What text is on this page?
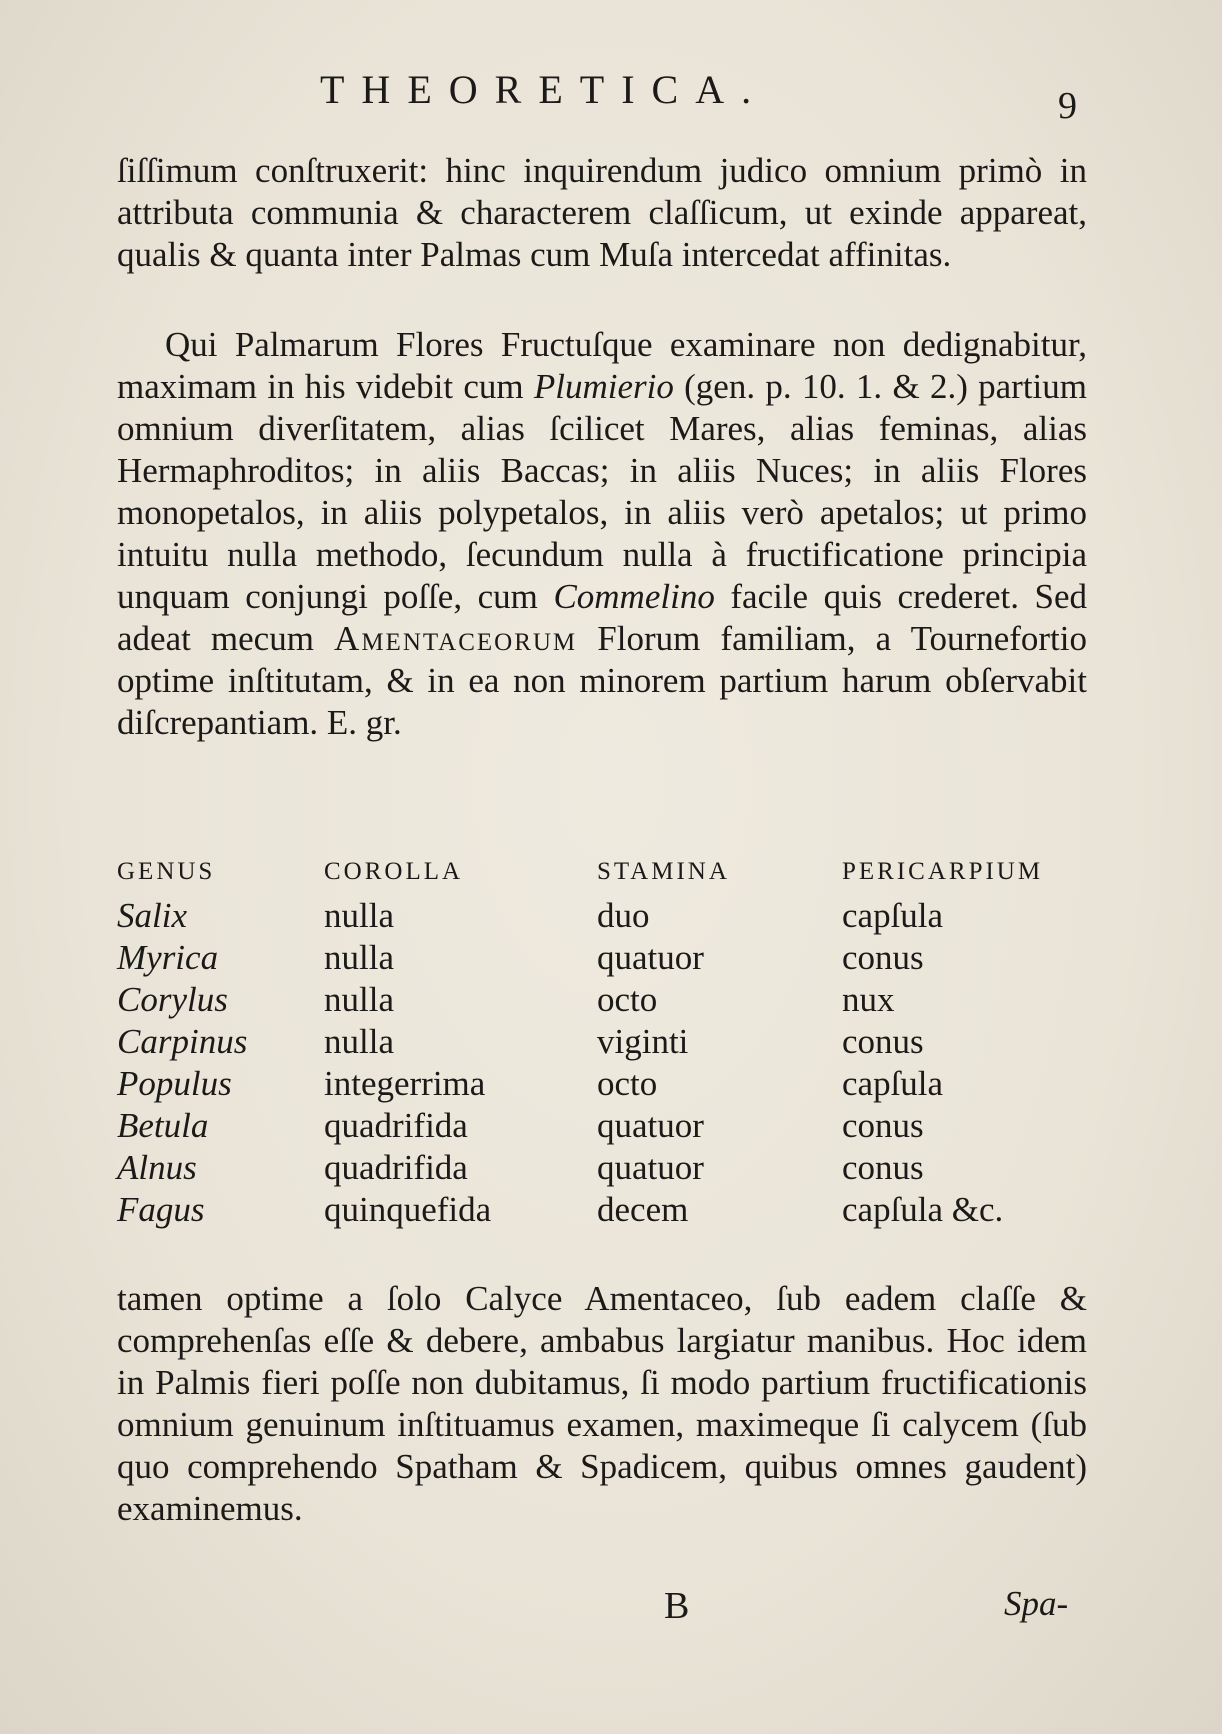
THEORETICA.	9
ſiſſimum conſtruxerit: hinc inquirendum judico omnium primò in attributa communia & characterem claſſicum, ut exinde appareat, qualis & quanta inter Palmas cum Muſa intercedat affinitas.
Qui Palmarum Flores Fructuſque examinare non dedignabitur, maximam in his videbit cum Plumierio (gen. p. 10. 1. & 2.) partium omnium diverſitatem, alias ſcilicet Mares, alias feminas, alias Hermaphroditos; in aliis Baccas; in aliis Nuces; in aliis Flores monopetalos, in aliis polypetalos, in aliis verò apetalos; ut primo intuitu nulla methodo, ſecundum nulla à fructificatione principia unquam conjungi poſſe, cum Commelino facile quis crederet. Sed adeat mecum Amentaceorum Florum familiam, a Tournefortio optime inſtitutam, & in ea non minorem partium harum obſervabit diſcrepantiam. E. gr.
GENUS	COROLLA	STAMINA	PERICARPIUM
Salix	nulla	duo	capſula
Myrica	nulla	quatuor	conus
Corylus	nulla	octo	nux
Carpinus nulla	viginti	conus
Populus	integerrima	octo	capſula
Betula	quadrifida	quatuor	conus
Alnus	quadrifida	quatuor	conus
Fagus	quinquefida	decem	capſula &c.
tamen optime a ſolo Calyce Amentaceo, ſub eadem claſſe & comprehenſas eſſe & debere, ambabus largiatur manibus. Hoc idem in Palmis fieri poſſe non dubitamus, ſi modo partium fructificationis omnium genuinum inſtituamus examen, maximeque ſi calycem (ſub quo comprehendo Spatham & Spadicem, quibus omnes gaudent) examinemus.
B	Spa-
